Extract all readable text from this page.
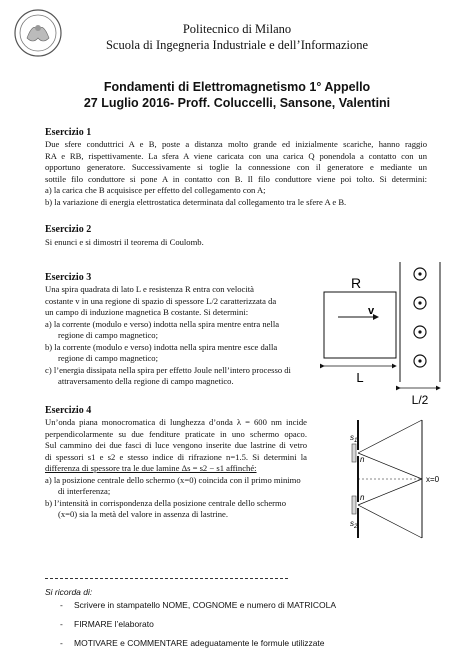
Politecnico di Milano
Scuola di Ingegneria Industriale e dell’Informazione
Fondamenti di Elettromagnetismo 1° Appello
27 Luglio 2016- Proff. Coluccelli, Sansone, Valentini
Esercizio 1
Due sfere conduttrici A e B, poste a distanza molto grande ed inizialmente scariche, hanno raggio
RA e RB, rispettivamente. La sfera A viene caricata con una carica Q ponendola a contatto con un
opportuno generatore. Successivamente si toglie la connessione con il generatore e mediante un
sottile filo conduttore si pone A in contatto con B. Il filo conduttore viene poi tolto. Si determini:
a) la carica che B acquisisce per effetto del collegamento con A;
b) la variazione di energia elettrostatica determinata dal collegamento tra le sfere A e B.
Esercizio 2
Si enunci e si dimostri il teorema di Coulomb.
Esercizio 3
Una spira quadrata di lato L e resistenza R entra con velocità
costante v in una regione di spazio di spessore L/2 caratterizzata da
un campo di induzione magnetica B costante. Si determini:
a) la corrente (modulo e verso) indotta nella spira mentre entra nella regione di campo magnetico;
b) la corrente (modulo e verso) indotta nella spira mentre esce dalla regione di campo magnetico;
c) l’energia dissipata nella spira per effetto Joule nell’intero processo di attraversamento della regione di campo magnetico.
R
v
L
L/2
Esercizio 4
Un’onda piana monocromatica di lunghezza d’onda λ = 600 nm incide
perpendicolarmente su due fenditure praticate in uno schermo opaco.
Sul cammino dei due fasci di luce vengono inserite due lastrine di vetro
di spessori s1 e s2 e stesso indice di rifrazione n=1.5. Si determini la
differenza di spessore tra le due lamine Δs = s2 − s1 affinché:
a) la posizione centrale dello schermo (x=0) coincida con il primo minimo di interferenza;
b) l’intensità in corrispondenza della posizione centrale dello schermo (x=0) sia la metà del valore in assenza di lastrine.
$s_1$
n
n
$s_2$
x=0
Si ricorda di:
- Scrivere in stampatello NOME, COGNOME e numero di MATRICOLA
- FIRMARE l’elaborato
- MOTIVARE e COMMENTARE adeguatamente le formule utilizzate
